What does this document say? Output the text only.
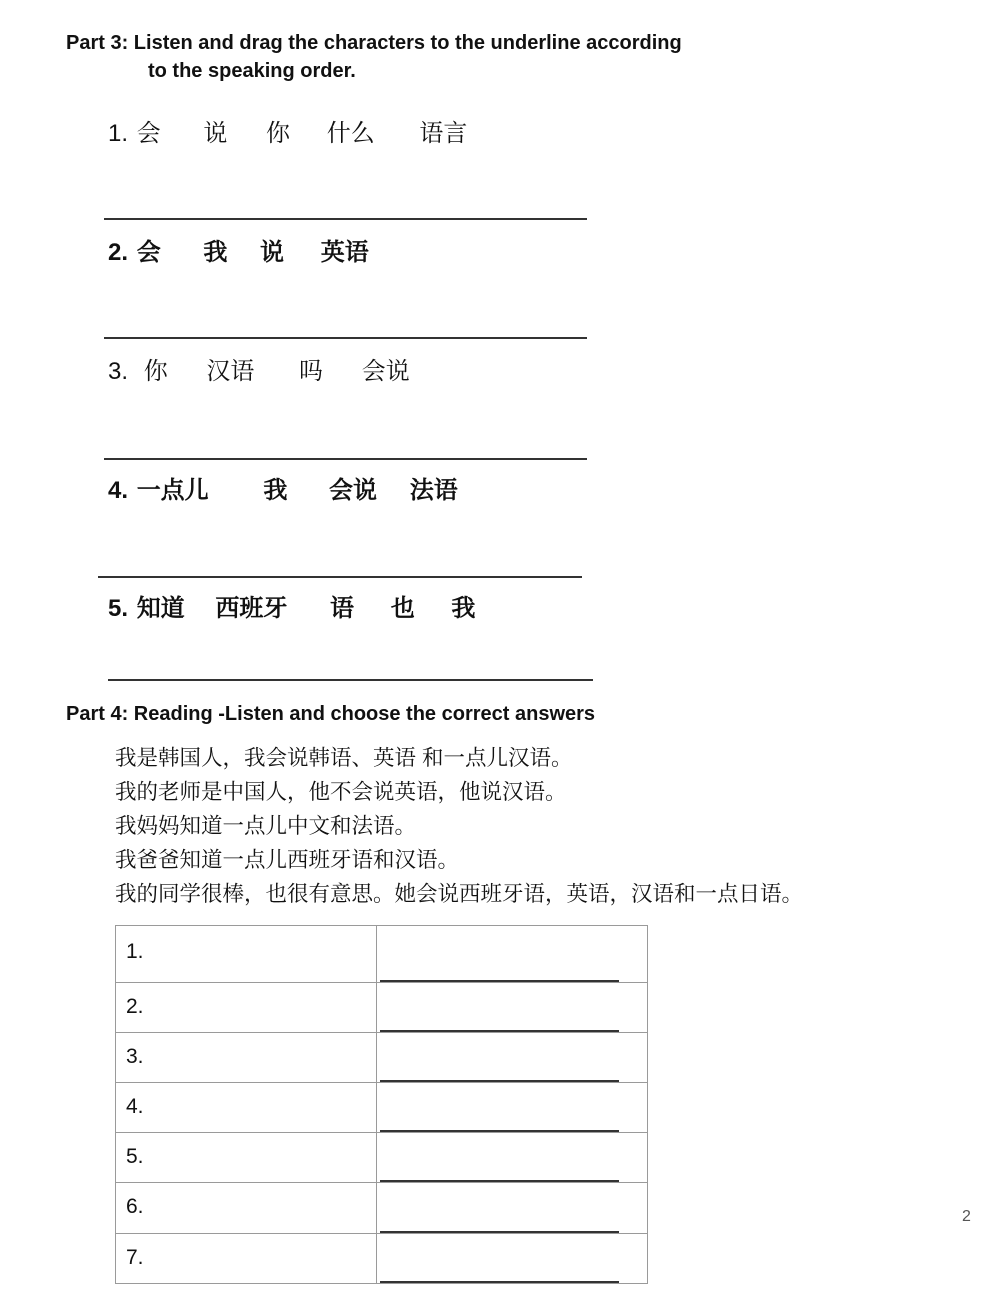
Part 3: Listen and drag the characters to the underline according
to the speaking order.
1. 会 说 你 什么 语言
2. 会 我 说 英语
3. 你 汉语 吗 会说
4. 一点儿 我 会说 法语
5. 知道 西班牙 语 也 我
Part 4: Reading -Listen and choose the correct answers
我是韩国人，我会说韩语、英语 和一点儿汉语。
我的老师是中国人，他不会说英语，他说汉语。
我妈妈知道一点儿中文和法语。
我爸爸知道一点儿西班牙语和汉语。
我的同学很棒，也很有意思。她会说西班牙语，英语，汉语和一点日语。
1.	

2.	

3.	

4.	

5.	

6.	

7.	
2
